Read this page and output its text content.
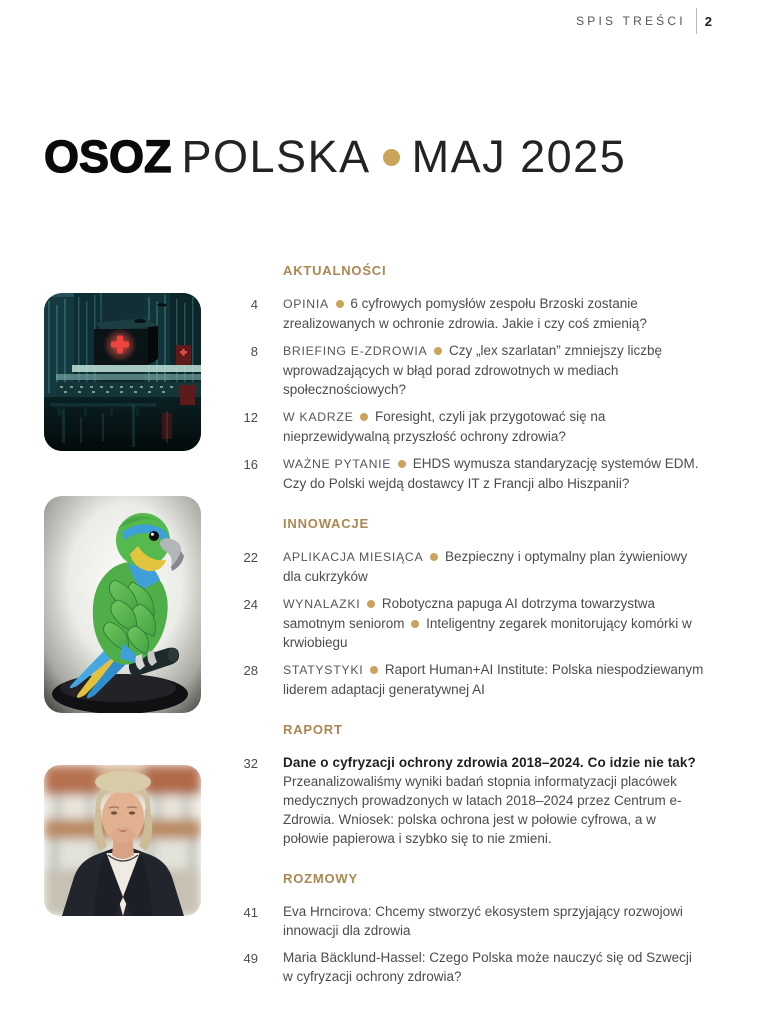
SPIS TREŚCI 2
OSOZ POLSKA MAJ 2025
AKTUALNOŚCI
4 OPINIA 6 cyfrowych pomysłów zespołu Brzoski zostanie zrealizowanych w ochronie zdrowia. Jakie i czy coś zmienią?

8 BRIEFING E-ZDROWIA Czy „lex szarlatan” zmniejszy liczbę wprowadzających w błąd porad zdrowotnych w mediach społecznościowych?

12 W KADRZE Foresight, czyli jak przygotować się na nieprzewidywalną przyszłość ochrony zdrowia?

16 WAŻNE PYTANIE EHDS wymusza standaryzację systemów EDM. Czy do Polski wejdą dostawcy IT z Francji albo Hiszpanii?

INNOWACJE
22 APLIKACJA MIESIĄCA Bezpieczny i optymalny plan żywieniowy dla cukrzyków

24 WYNALAZKI Robotyczna papuga AI dotrzyma towarzystwa samotnym seniorom Inteligentny zegarek monitorujący komórki w krwiobiegu

28 STATYSTYKI Raport Human+AI Institute: Polska niespodziewanym liderem adaptacji generatywnej AI

RAPORT
32 Dane o cyfryzacji ochrony zdrowia 2018–2024. Co idzie nie tak?
Przeanalizowaliśmy wyniki badań stopnia informatyzacji placówek medycznych prowadzonych w latach 2018–2024 przez Centrum e-Zdrowia. Wniosek: polska ochrona jest w połowie cyfrowa, a w połowie papierowa i szybko się to nie zmieni.

ROZMOWY
41 Eva Hrncirova: Chcemy stworzyć ekosystem sprzyjający rozwojowi innowacji dla zdrowia

49 Maria Bäcklund-Hassel: Czego Polska może nauczyć się od Szwecji w cyfryzacji ochrony zdrowia?
